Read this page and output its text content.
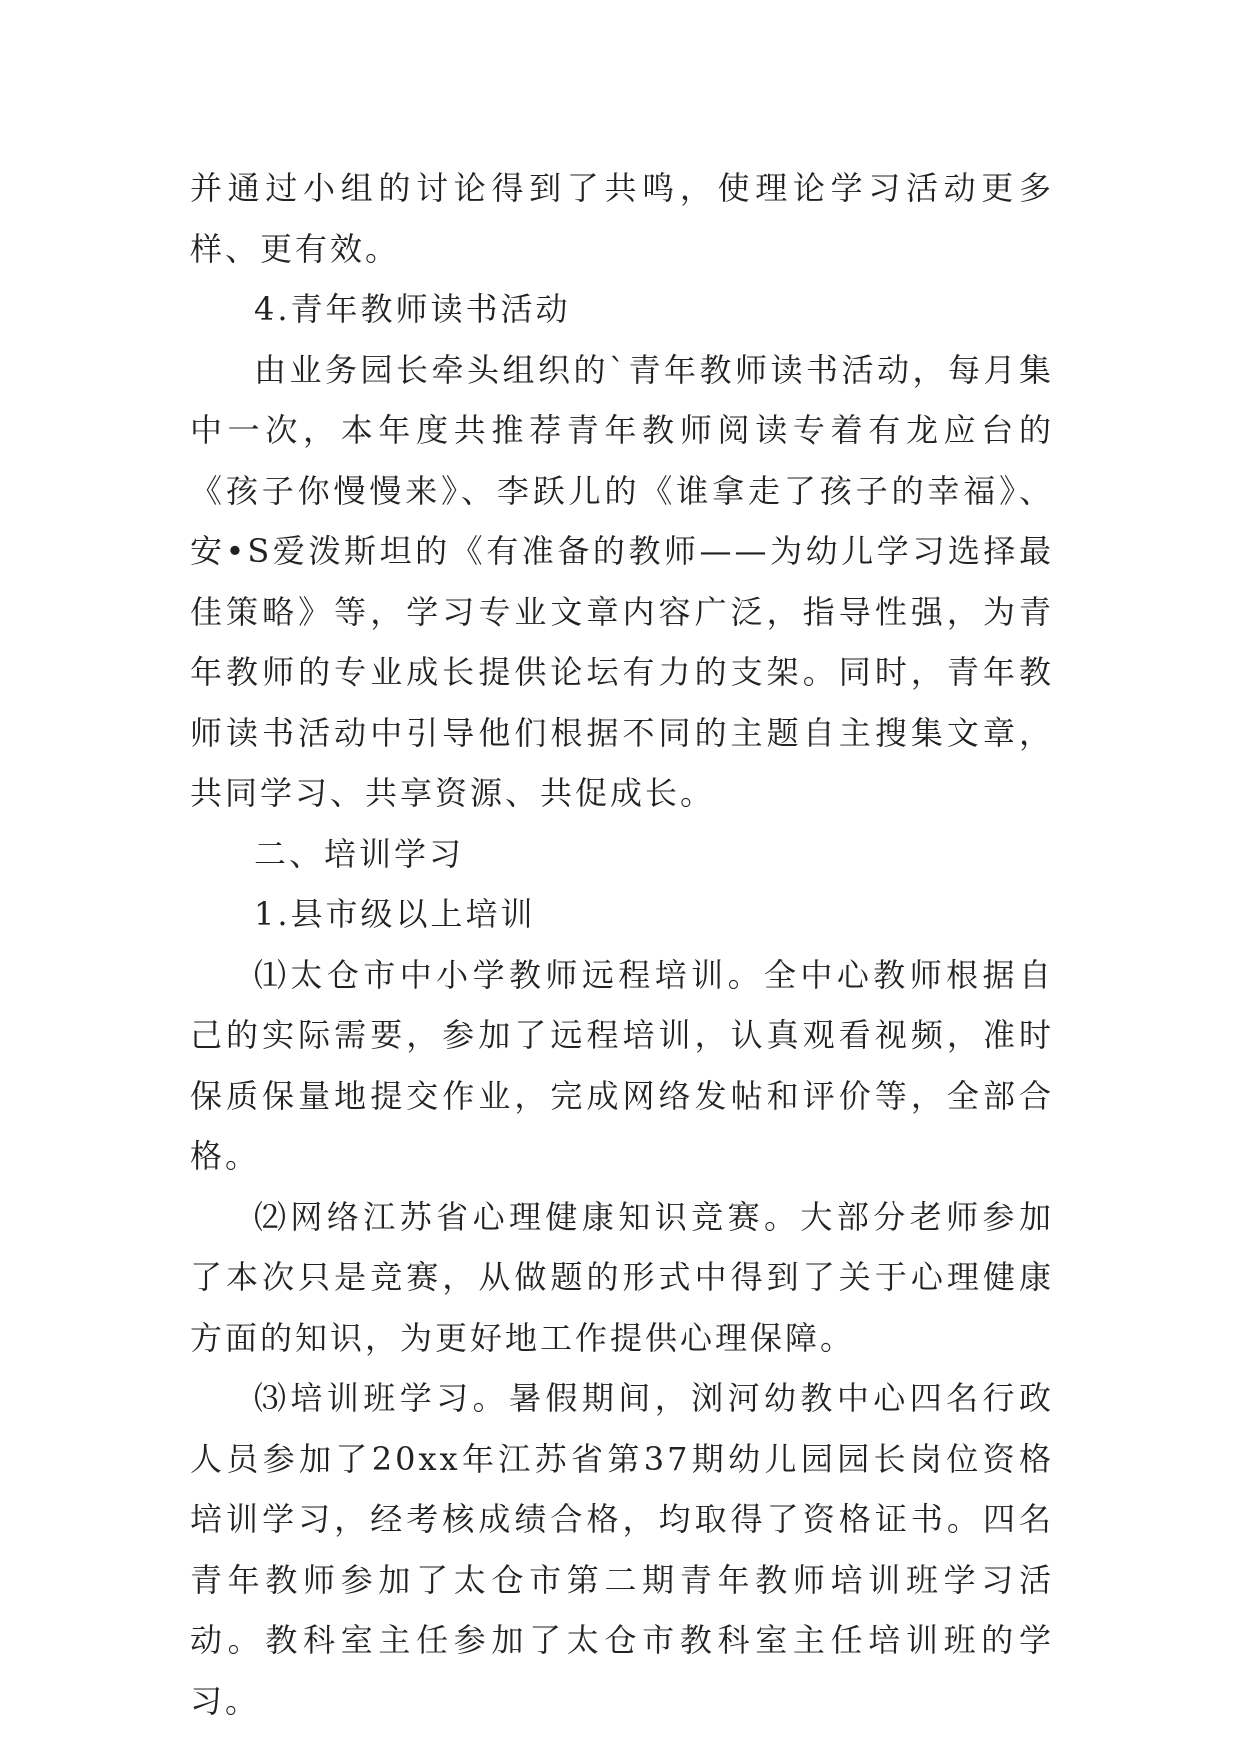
并通过小组的讨论得到了共鸣，使理论学习活动更多样、更有效。

4.青年教师读书活动

由业务园长牵头组织的`青年教师读书活动，每月集中一次，本年度共推荐青年教师阅读专着有龙应台的《孩子你慢慢来》、李跃儿的《谁拿走了孩子的幸福》、安•S爱泼斯坦的《有准备的教师——为幼儿学习选择最佳策略》等，学习专业文章内容广泛，指导性强，为青年教师的专业成长提供论坛有力的支架。同时，青年教师读书活动中引导他们根据不同的主题自主搜集文章，共同学习、共享资源、共促成长。

二、培训学习

1.县市级以上培训

⑴太仓市中小学教师远程培训。全中心教师根据自己的实际需要，参加了远程培训，认真观看视频，准时保质保量地提交作业，完成网络发帖和评价等，全部合格。

⑵网络江苏省心理健康知识竞赛。大部分老师参加了本次只是竞赛，从做题的形式中得到了关于心理健康方面的知识，为更好地工作提供心理保障。

⑶培训班学习。暑假期间，浏河幼教中心四名行政人员参加了20xx年江苏省第37期幼儿园园长岗位资格培训学习，经考核成绩合格，均取得了资格证书。四名青年教师参加了太仓市第二期青年教师培训班学习活动。教科室主任参加了太仓市教科室主任培训班的学习。
